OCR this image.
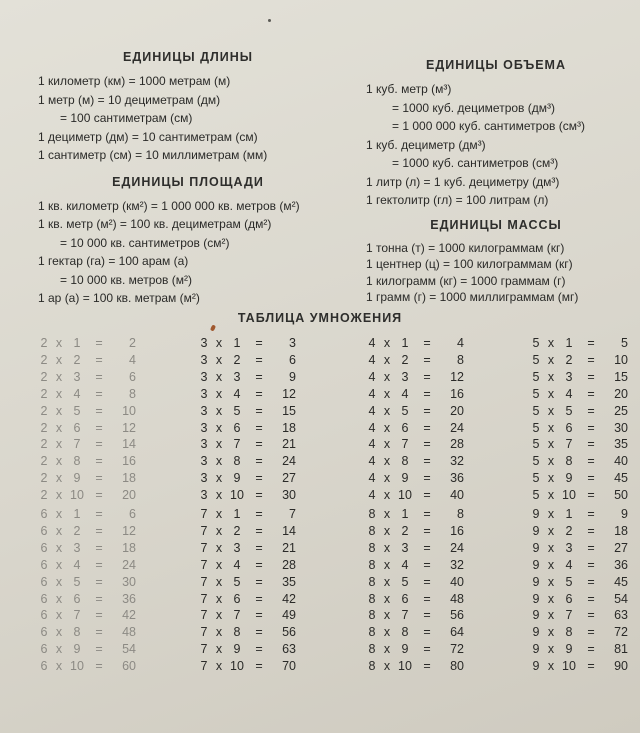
ЕДИНИЦЫ ДЛИНЫ
1 километр (км) = 1000 метрам (м)
1 метр (м) = 10 дециметрам (дм)
= 100 сантиметрам (см)
1 дециметр (дм) = 10 сантиметрам (см)
1 сантиметр (см) = 10 миллиметрам (мм)
ЕДИНИЦЫ ПЛОЩАДИ
1 кв. километр (км²) = 1 000 000 кв. метров (м²)
1 кв. метр (м²) = 100 кв. дециметрам (дм²)
= 10 000 кв. сантиметров (см²)
1 гектар (га) = 100 арам (а)
= 10 000 кв. метров (м²)
1 ар (а) = 100 кв. метрам (м²)
ЕДИНИЦЫ ОБЪЕМА
1 куб. метр (м³)
= 1000 куб. дециметров (дм³)
= 1 000 000 куб. сантиметров (см³)
1 куб. дециметр (дм³)
= 1000 куб. сантиметров (см³)
1 литр (л) = 1 куб. дециметру (дм³)
1 гектолитр (гл) = 100 литрам (л)
ЕДИНИЦЫ МАССЫ
1 тонна (т) = 1000 килограммам (кг)
1 центнер (ц) = 100 килограммам (кг)
1 килограмм (кг) = 1000 граммам (г)
1 грамм (г) = 1000 миллиграммам (мг)
ТАБЛИЦА УМНОЖЕНИЯ
2 x 1	=	2
2 x 2	=	4
2 x 3	=	6
2 x 4	=	8
2 x 5	=	10
2 x 6	=	12
2 x 7	=	14
2 x 8	=	16
2 x 9	=	18
2 x 10 =	20
3 x 1	=	3
3 x 2	=	6
3 x 3	=	9
3 x 4	=	12
3 x 5	=	15
3 x 6	=	18
3 x 7	=	21
3 x 8	=	24
3 x 9	=	27
3 x 10 =	30
4 x 1	=	4
4 x 2	=	8
4 x 3	=	12
4 x 4	=	16
4 x 5	=	20
4 x 6	=	24
4 x 7	=	28
4 x 8	=	32
4 x 9	=	36
4 x 10 =	40
5 x 1	=	5
5 x 2	=	10
5 x 3	=	15
5 x 4	=	20
5 x 5	=	25
5 x 6	=	30
5 x 7	=	35
5 x 8	=	40
5 x 9	=	45
5 x 10 =	50
6 x 1	=	6
6 x 2	=	12
6 x 3	=	18
6 x 4	=	24
6 x 5	=	30
6 x 6	=	36
6 x 7	=	42
6 x 8	=	48
6 x 9	=	54
6 x 10 =	60
7 x 1	=	7
7 x 2	=	14
7 x 3	=	21
7 x 4	=	28
7 x 5	=	35
7 x 6	=	42
7 x 7	=	49
7 x 8	=	56
7 x 9	=	63
7 x 10 =	70
8 x 1	=	8
8 x 2	=	16
8 x 3	=	24
8 x 4	=	32
8 x 5	=	40
8 x 6	=	48
8 x 7	=	56
8 x 8	=	64
8 x 9	=	72
8 x 10 =	80
9 x 1	=	9
9 x 2	=	18
9 x 3	=	27
9 x 4	=	36
9 x 5	=	45
9 x 6	=	54
9 x 7	=	63
9 x 8	=	72
9 x 9	=	81
9 x 10 =	90
